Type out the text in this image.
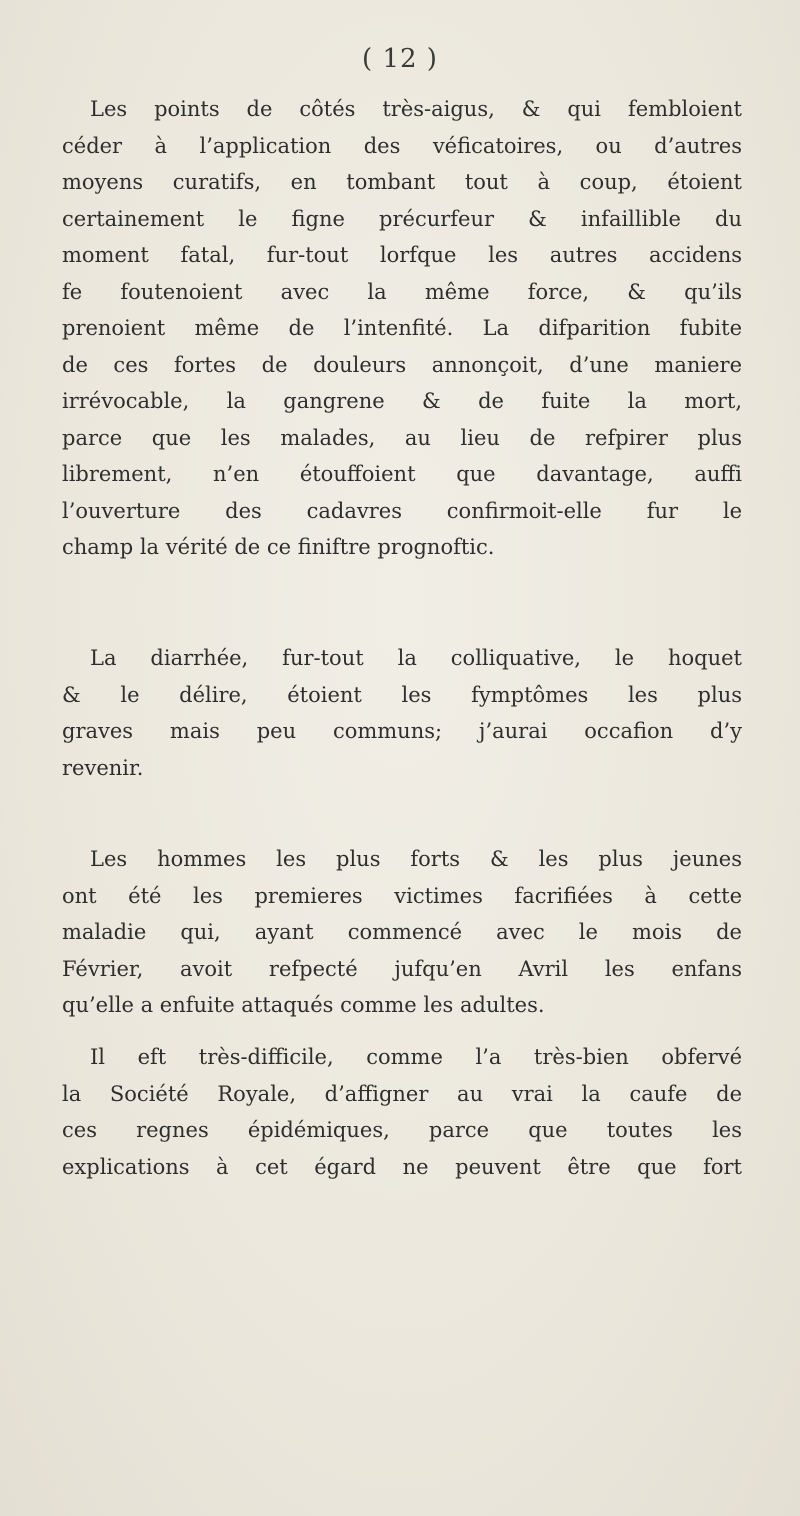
( 12 )
Les points de côtés très-aigus, & qui fembloient
céder à l’application des véficatoires, ou d’autres
moyens curatifs, en tombant tout à coup, étoient
certainement le figne précurfeur & infaillible du
moment fatal, fur-tout lorfque les autres accidens
fe foutenoient avec la même force, & qu’ils
prenoient même de l’intenfité. La difparition fubite
de ces fortes de douleurs annonçoit, d’une maniere
irrévocable, la gangrene & de fuite la mort,
parce que les malades, au lieu de refpirer plus
librement, n’en étouffoient que davantage, auffi
l’ouverture des cadavres confirmoit-elle fur le
champ la vérité de ce finiftre prognoftic.
La diarrhée, fur-tout la colliquative, le hoquet
& le délire, étoient les fymptômes les plus
graves mais peu communs; j’aurai occafion d’y
revenir.
Les hommes les plus forts & les plus jeunes
ont été les premieres victimes facrifiées à cette
maladie qui, ayant commencé avec le mois de
Février, avoit refpecté jufqu’en Avril les enfans
qu’elle a enfuite attaqués comme les adultes.
Il eft très-difficile, comme l’a très-bien obfervé
la Société Royale, d’affigner au vrai la caufe de
ces regnes épidémiques, parce que toutes les
explications à cet égard ne peuvent être que fort
